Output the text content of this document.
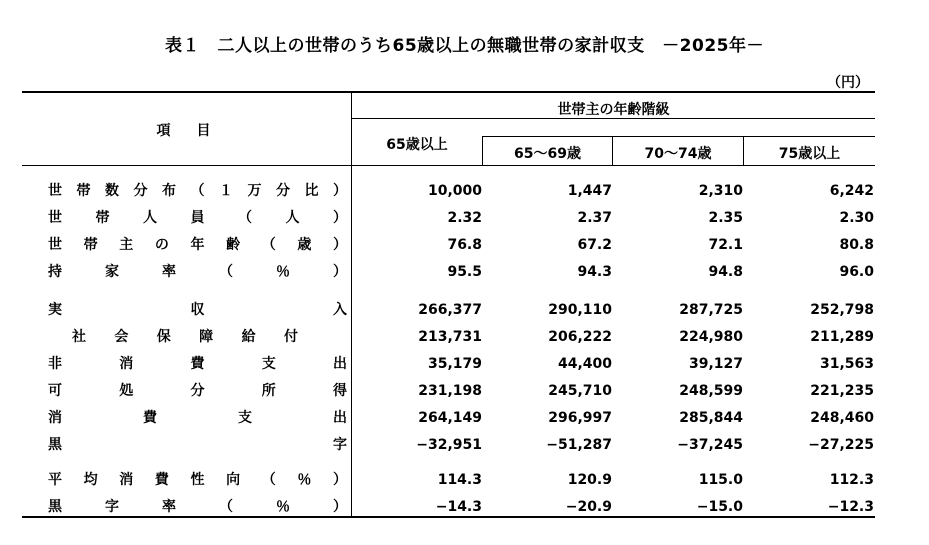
表１　二人以上の世帯のうち65歳以上の無職世帯の家計収支　－2025年－
（円）
項　目
世帯主の年齢階級
65歳以上
65～69歳	70～74歳	75歳以上
世 帯 数 分 布 （ １ 万 分 比 ）	10,000	1,447	2,310	6,242
世 帯 人 員 （ 人 ）	2.32	2.37	2.35	2.30
世 帯 主 の 年 齢 （ 歳 ）	76.8	67.2	72.1	80.8
持	家	率	（	％	）	95.5	94.3	94.8	96.0
実	収	入	266,377	290,110	287,725	252,798
社 会 保 障 給 付	213,731	206,222	224,980	211,289
非	消	費	支	出	35,179	44,400	39,127	31,563
可	処	分	所	得	231,198	245,710	248,599	221,235
消	費	支	出	264,149	296,997	285,844	248,460
黒	字	−32,951	−51,287	−37,245	−27,225
平 均 消 費 性 向 （ ％ ）	114.3	120.9	115.0	112.3
黒	字	率	（	％	）	−14.3	−20.9	−15.0	−12.3
